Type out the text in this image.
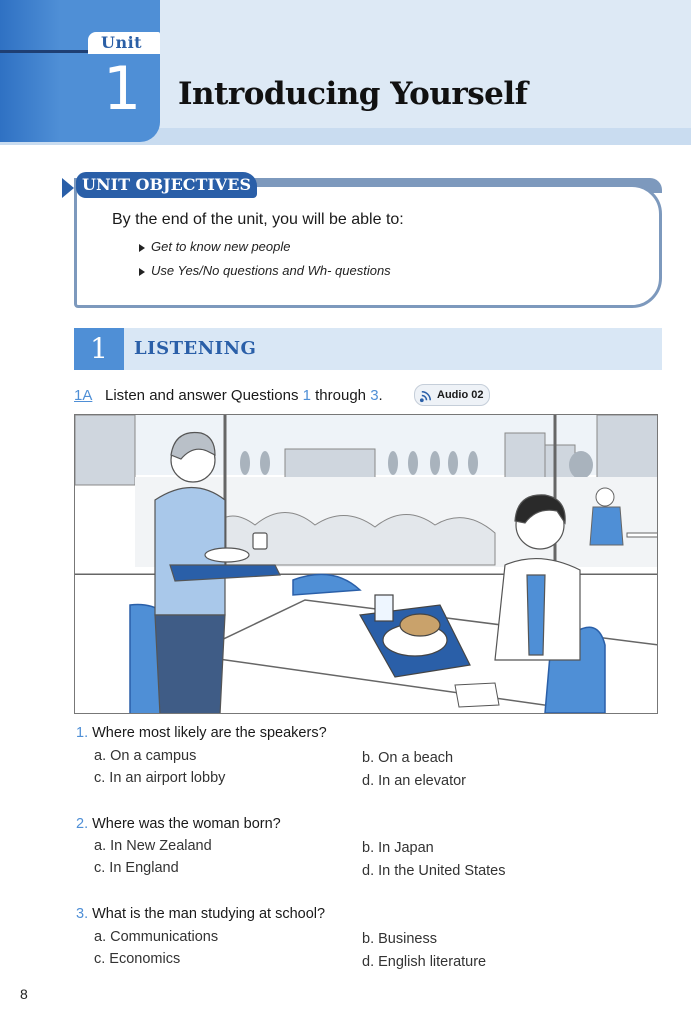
Unit
1 Introducing Yourself
UNIT OBJECTIVES
By the end of the unit, you will be able to:
Get to know new people
Use Yes/No questions and Wh- questions
1	LISTENING
1A Listen and answer Questions 1 through 3.	Audio 02
1. Where most likely are the speakers?
a. On a campus	b. On a beach
c. In an airport lobby	d. In an elevator
2. Where was the woman born?
a. In New Zealand	b. In Japan
c. In England	d. In the United States
3. What is the man studying at school?
a. Communications	b. Business
c. Economics	d. English literature
8
